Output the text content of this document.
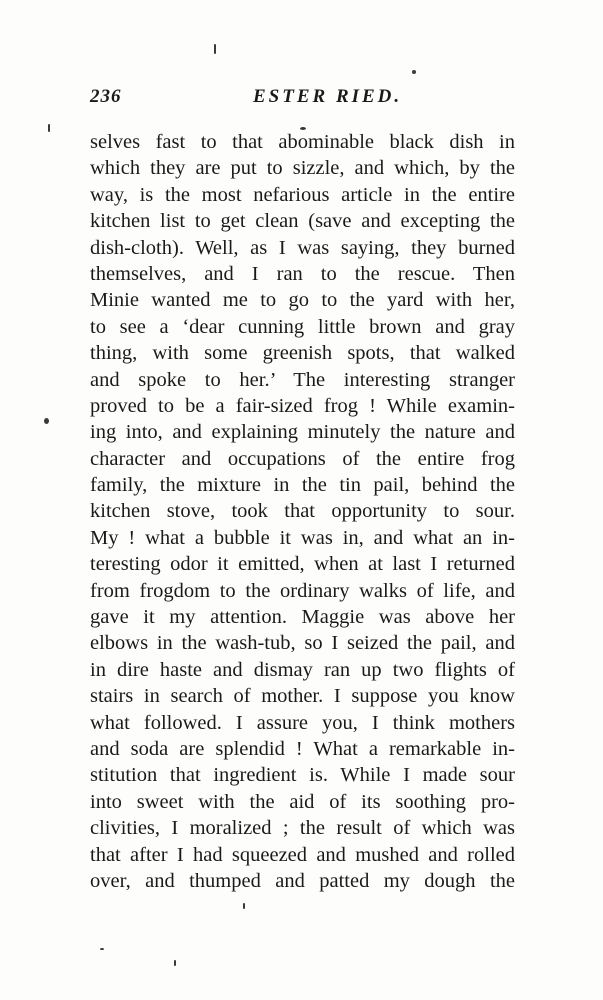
236	ESTER RIED.
selves fast to that abominable black dish in
which they are put to sizzle, and which, by the
way, is the most nefarious article in the entire
kitchen list to get clean (save and excepting the
dish-cloth). Well, as I was saying, they burned
themselves, and I ran to the rescue. Then
Minie wanted me to go to the yard with her,
to see a ‘dear cunning little brown and gray
thing, with some greenish spots, that walked
and spoke to her.’ The interesting stranger
proved to be a fair-sized frog ! While examin-
ing into, and explaining minutely the nature and
character and occupations of the entire frog
family, the mixture in the tin pail, behind the
kitchen stove, took that opportunity to sour.
My ! what a bubble it was in, and what an in-
teresting odor it emitted, when at last I returned
from frogdom to the ordinary walks of life, and
gave it my attention. Maggie was above her
elbows in the wash-tub, so I seized the pail, and
in dire haste and dismay ran up two flights of
stairs in search of mother. I suppose you know
what followed. I assure you, I think mothers
and soda are splendid ! What a remarkable in-
stitution that ingredient is. While I made sour
into sweet with the aid of its soothing pro-
clivities, I moralized ; the result of which was
that after I had squeezed and mushed and rolled
over, and thumped and patted my dough the
